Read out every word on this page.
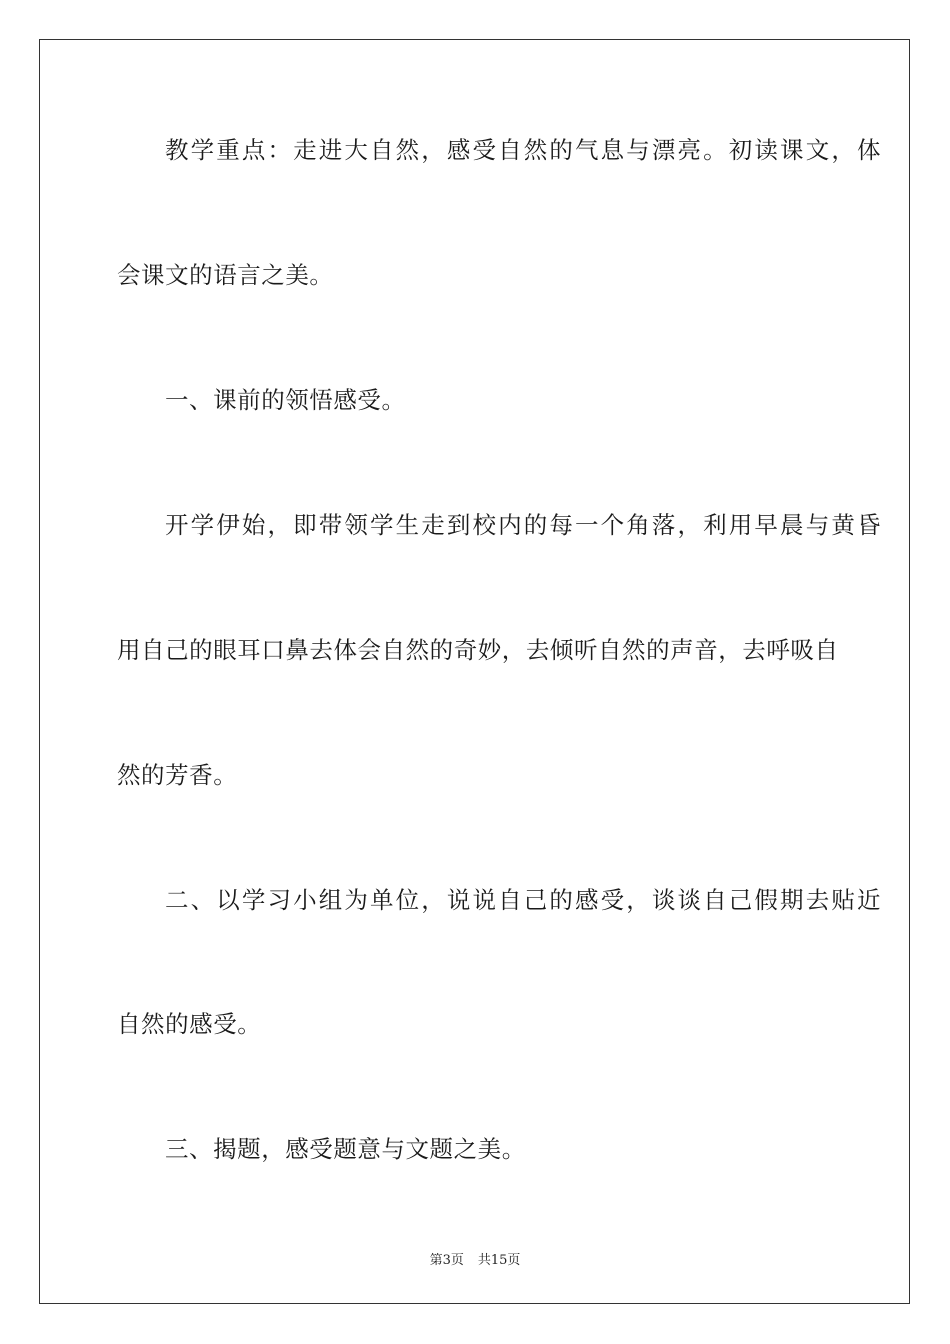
教学重点：走进大自然，感受自然的气息与漂亮。初读课文，体
会课文的语言之美。
一、课前的领悟感受。
开学伊始，即带领学生走到校内的每一个角落，利用早晨与黄昏
用自己的眼耳口鼻去体会自然的奇妙，去倾听自然的声音，去呼吸自
然的芳香。
二、以学习小组为单位，说说自己的感受，谈谈自己假期去贴近
自然的感受。
三、揭题，感受题意与文题之美。
第3页 共15页
